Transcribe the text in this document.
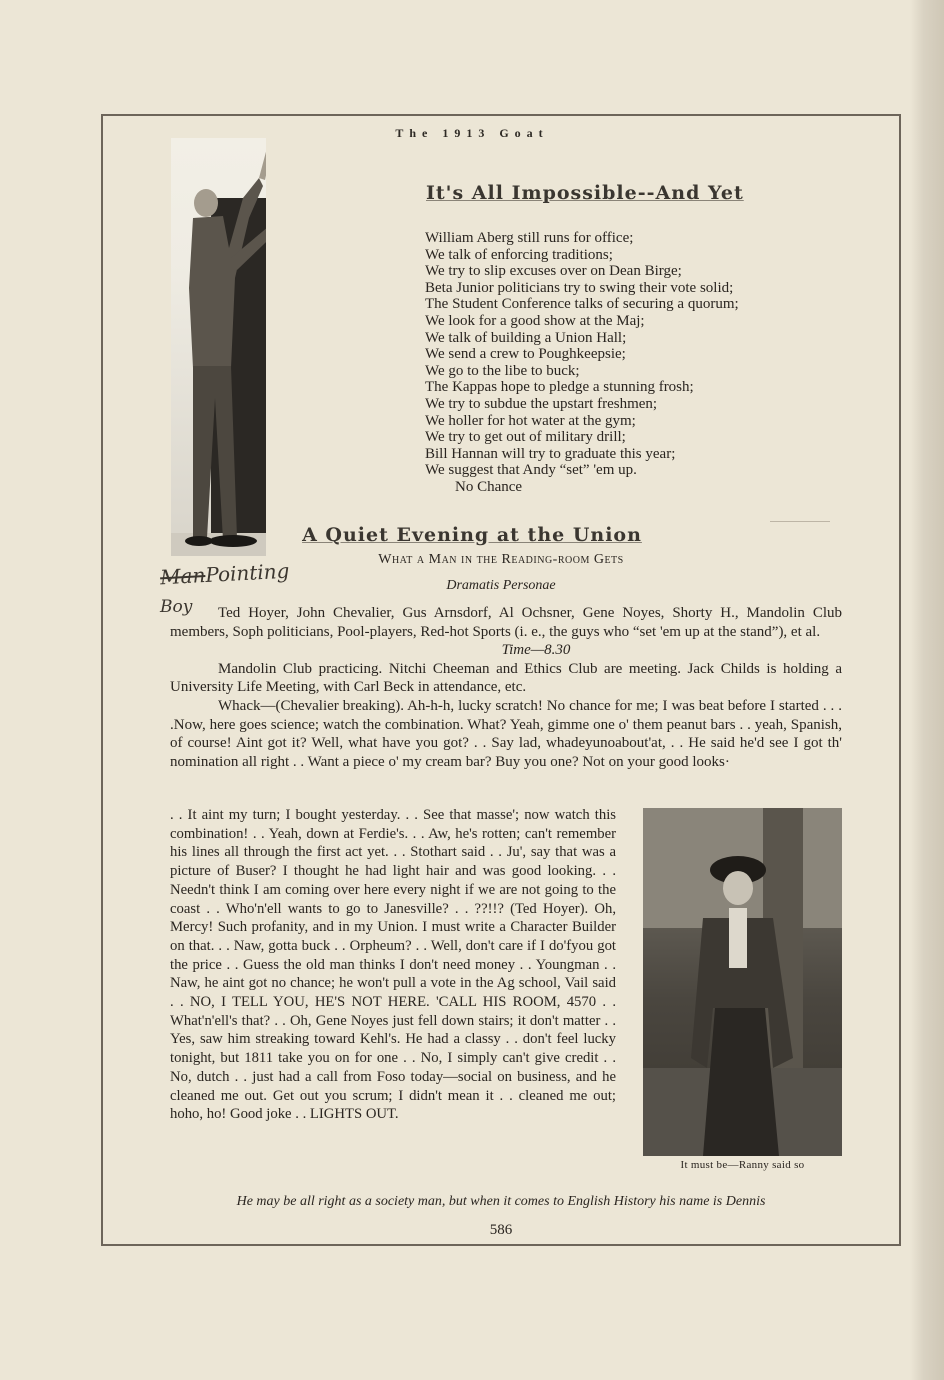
The 1913 Goat
It's All Impossible--And Yet
William Aberg still runs for office;
We talk of enforcing traditions;
We try to slip excuses over on Dean Birge;
Beta Junior politicians try to swing their vote solid;
The Student Conference talks of securing a quorum;
We look for a good show at the Maj;
We talk of building a Union Hall;
We send a crew to Poughkeepsie;
We go to the libe to buck;
The Kappas hope to pledge a stunning frosh;
We try to subdue the upstart freshmen;
We holler for hot water at the gym;
We try to get out of military drill;
Bill Hannan will try to graduate this year;
We suggest that Andy “set” 'em up.
No Chance
A Quiet Evening at the Union
What a Man in the Reading-room Gets
ManPointing
Boy
Dramatis Personae

Ted Hoyer, John Chevalier, Gus Arnsdorf, Al Ochsner, Gene Noyes, Shorty H., Mandolin Club members, Soph politicians, Pool-players, Red-hot Sports (i. e., the guys who “set 'em up at the stand”), et al.

Time—8.30

Mandolin Club practicing. Nitchi Cheeman and Ethics Club are meeting. Jack Childs is holding a University Life Meeting, with Carl Beck in attendance, etc.

Whack—(Chevalier breaking). Ah-h-h, lucky scratch! No chance for me; I was beat before I started . . . .Now, here goes science; watch the combination. What? Yeah, gimme one o' them peanut bars . . yeah, Spanish, of course! Aint got it? Well, what have you got? . . Say lad, whadeyunoabout'at, . . He said he'd see I got th' nomination all right . . Want a piece o' my cream bar? Buy you one? Not on your good looks·

. . It aint my turn; I bought yesterday. . . See that masse'; now watch this combination! . . Yeah, down at Ferdie's. . . Aw, he's rotten; can't remember his lines all through the first act yet. . . Stothart said . . Ju', say that was a picture of Buser? I thought he had light hair and was good looking. . . Needn't think I am coming over here every night if we are not going to the coast . . Who'n'ell wants to go to Janesville? . . ??!!? (Ted Hoyer). Oh, Mercy! Such profanity, and in my Union. I must write a Character Builder on that. . . Naw, gotta buck . . Orpheum? . . Well, don't care if I do'fyou got the price . . Guess the old man thinks I don't need money . . Youngman . . Naw, he aint got no chance; he won't pull a vote in the Ag school, Vail said . . NO, I TELL YOU, HE'S NOT HERE. 'CALL HIS ROOM, 4570 . . What'n'ell's that? . . Oh, Gene Noyes just fell down stairs; it don't matter . . Yes, saw him streaking toward Kehl's. He had a classy . . don't feel lucky tonight, but 1811 take you on for one . . No, I simply can't give credit . . No, dutch . . just had a call from Foso today—social on business, and he cleaned me out. Get out you scrum; I didn't mean it . . cleaned me out; hoho, ho! Good joke . . LIGHTS OUT.

It must be—Ranny said so
He may be all right as a society man, but when it comes to English History his name is Dennis
586
